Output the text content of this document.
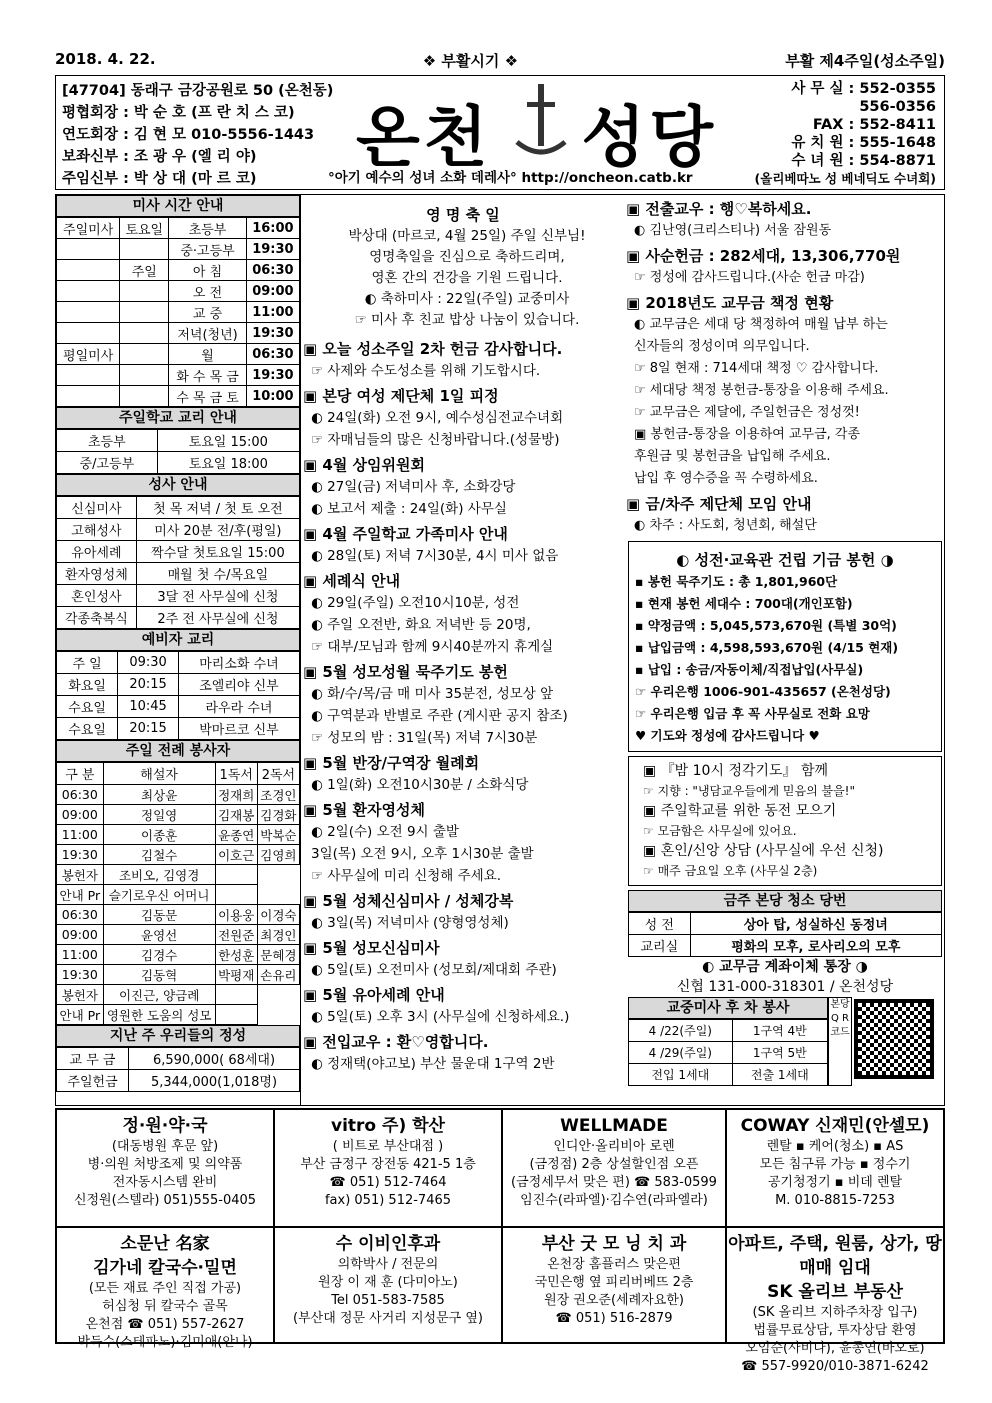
2018. 4. 22.	❖ 부활시기 ❖	부활 제4주일(성소주일)
[47704] 동래구 금강공원로 50 (온천동)
평협회장 : 박 순 호 (프 란 치 스 코)
연도회장 : 김 현 모 010-5556-1443
보좌신부 : 조 광 우 (엘 리 야)
주임신부 : 박 상 대 (마 르 코)
온천 성당
°아기 예수의 성녀 소화 데레사° http://oncheon.catb.kr
사 무 실 : 552-0355
556-0356
FAX : 552-8411
유 치 원 : 555-1648
수 녀 원 : 554-8871
(올리베따노 성 베네딕도 수녀회)
미사 시간 안내
주일미사	토요일	초등부	16:00
		중·고등부	19:30
	주일	아 침	06:30
		오 전	09:00
		교 중	11:00
		저녁(청년)	19:30
평일미사		월	06:30
		화 수 목 금	19:30
		수 목 금 토	10:00
주일학교 교리 안내
초등부	토요일 15:00
중/고등부	토요일 18:00
성사 안내
신심미사	첫 목 저녁 / 첫 토 오전
고해성사	미사 20분 전/후(평일)
유아세례	짝수달 첫토요일 15:00
환자영성체	매월 첫 수/목요일
혼인성사	3달 전 사무실에 신청
각종축복식	2주 전 사무실에 신청
예비자 교리
주 일	09:30	마리소화 수녀
화요일	20:15	조엘리야 신부
수요일	10:45	라우라 수녀
수요일	20:15	박마르코 신부
주일 전례 봉사자
구 분	해설자	1독서	2독서
06:30	최상윤	정재희	조경인
09:00	정일영	김재봉	김경화
11:00	이종훈	윤종연	박복순
19:30	김철수	이호근	김영희
봉헌자	조비오, 김영경		
안내 Pr	슬기로우신 어머니		
06:30	김동문	이용웅	이경숙
09:00	윤영선	전원준	최경인
11:00	김경수	한성훈	문혜경
19:30	김동혁	박평재	손유리
봉헌자	이진근, 양금례		
안내 Pr	영원한 도움의 성모		
지난 주 우리들의 정성
교 무 금	6,590,000( 68세대)
주일헌금	5,344,000(1,018명)
영 명 축 일

박상대 (마르코, 4월 25일) 주일 신부님!

영명축일을 진심으로 축하드리며,

영혼 간의 건강을 기원 드립니다.

◐ 축하미사 : 22일(주일) 교중미사

☞ 미사 후 친교 밥상 나눔이 있습니다.

▣ 오늘 성소주일 2차 헌금 감사합니다.

☞ 사제와 수도성소를 위해 기도합시다.

▣ 본당 여성 제단체 1일 피정

◐ 24일(화) 오전 9시, 예수성심전교수녀회

☞ 자매님들의 많은 신청바랍니다.(성물방)

▣ 4월 상임위원회

◐ 27일(금) 저녁미사 후, 소화강당

◐ 보고서 제출 : 24일(화) 사무실

▣ 4월 주일학교 가족미사 안내

◐ 28일(토) 저녁 7시30분, 4시 미사 없음

▣ 세례식 안내

◐ 29일(주일) 오전10시10분, 성전

◐ 주일 오전반, 화요 저녁반 등 20명,

☞ 대부/모님과 함께 9시40분까지 휴게실

▣ 5월 성모성월 묵주기도 봉헌

◐ 화/수/목/금 매 미사 35분전, 성모상 앞

◐ 구역분과 반별로 주관 (게시판 공지 참조)

☞ 성모의 밤 : 31일(목) 저녁 7시30분

▣ 5월 반장/구역장 월례회

◐ 1일(화) 오전10시30분 / 소화식당

▣ 5월 환자영성체

◐ 2일(수) 오전 9시 출발

3일(목) 오전 9시, 오후 1시30분 출발

☞ 사무실에 미리 신청해 주세요.

▣ 5월 성체신심미사 / 성체강복

◐ 3일(목) 저녁미사 (양형영성체)

▣ 5월 성모신심미사

◐ 5일(토) 오전미사 (성모회/제대회 주관)

▣ 5월 유아세례 안내

◐ 5일(토) 오후 3시 (사무실에 신청하세요.)

▣ 전입교우 : 환♡영합니다.

◐ 정재택(야고보) 부산 물운대 1구역 2반

▣ 전출교우 : 행♡복하세요.

◐ 김난영(크리스티나) 서울 잠원동

▣ 사순헌금 : 282세대, 13,306,770원

☞ 정성에 감사드립니다.(사순 헌금 마감)

▣ 2018년도 교무금 책정 현황

◐ 교무금은 세대 당 책정하여 매월 납부 하는

신자들의 정성이며 의무입니다.

☞ 8일 현재 : 714세대 책정 ♡ 감사합니다.

☞ 세대당 책정 봉헌금-통장을 이용해 주세요.

☞ 교무금은 제달에, 주일헌금은 정성껏!

▣ 봉헌금-통장을 이용하여 교무금, 각종

후원금 및 봉헌금을 납입해 주세요.

납입 후 영수증을 꼭 수령하세요.

▣ 금/차주 제단체 모임 안내

◐ 차주 : 사도회, 청년회, 해설단

◐ 성전·교육관 건립 기금 봉헌 ◑

▪ 봉헌 묵주기도 : 총 1,801,960단

▪ 현재 봉헌 세대수 : 700대(개인포함)

▪ 약정금액 : 5,045,573,670원 (특별 30억)

▪ 납입금액 : 4,598,593,670원 (4/15 현재)

▪ 납입 : 송금/자동이체/직접납입(사무실)

☞ 우리은행 1006-901-435657 (온천성당)

☞ 우리은행 입금 후 꼭 사무실로 전화 요망

♥ 기도와 정성에 감사드립니다 ♥

▣ 『밤 10시 정각기도』 함께

☞ 지향 : "냉담교우들에게 믿음의 불을!"

▣ 주일학교를 위한 동전 모으기

☞ 모금함은 사무실에 있어요.

▣ 혼인/신앙 상담 (사무실에 우선 신청)

☞ 매주 금요일 오후 (사무실 2층)

금주 본당 청소 당번
성 전	상아 탑, 성실하신 동정녀
교리실	평화의 모후, 로사리오의 모후
◐ 교무금 계좌이체 통장 ◑
신협 131-000-318301 / 온천성당
교중미사 후 차 봉사
4 /22(주일)	1구역 4반
4 /29(주일)	1구역 5반
전입 1세대	전출 1세대
본당 Q R 코드
정·원·약·국
(대동병원 후문 앞)
병·의원 처방조제 및 의약품
전자동시스템 완비
신정원(스텔라) 051)555-0405
vitro 주) 학산
( 비트로 부산대점 )
부산 금정구 장전동 421-5 1층
☎ 051) 512-7464
fax) 051) 512-7465
WELLMADE
인디안·올리비아 로렌
(금정점) 2층 상설할인점 오픈
(금정세무서 맞은 편) ☎ 583-0599
임진수(라파엘)·김수연(라파엘라)
COWAY 신재민(안셀모)
렌탈 ▪ 케어(청소) ▪ AS
모든 침구류 가능 ▪ 정수기
공기청정기 ▪ 비데 렌탈
M. 010-8815-7253
소문난 名家
김가네 칼국수·밀면
(모든 재료 주인 직접 가공)
허심청 뒤 칼국수 골목
온천점 ☎ 051) 557-2627
박득수(스테파노)·김미애(안나)
수 이비인후과
의학박사 / 전문의
원장 이 재 훈 (다미아노)
Tel 051-583-7585
(부산대 정문 사거리 지성문구 옆)
부산 굿 모 닝 치 과
온천장 홈플러스 맞은편
국민은행 옆 피리버베뜨 2층
원장 권오준(세례자요한)
☎ 051) 516-2879
아파트, 주택, 원룸, 상가, 땅매매 임대
SK 올리브 부동산
(SK 올리브 지하주차장 입구)
법률무료상담, 투자상담 환영
오임순(사비나), 윤종연(바오로)
☎ 557-9920/010-3871-6242
